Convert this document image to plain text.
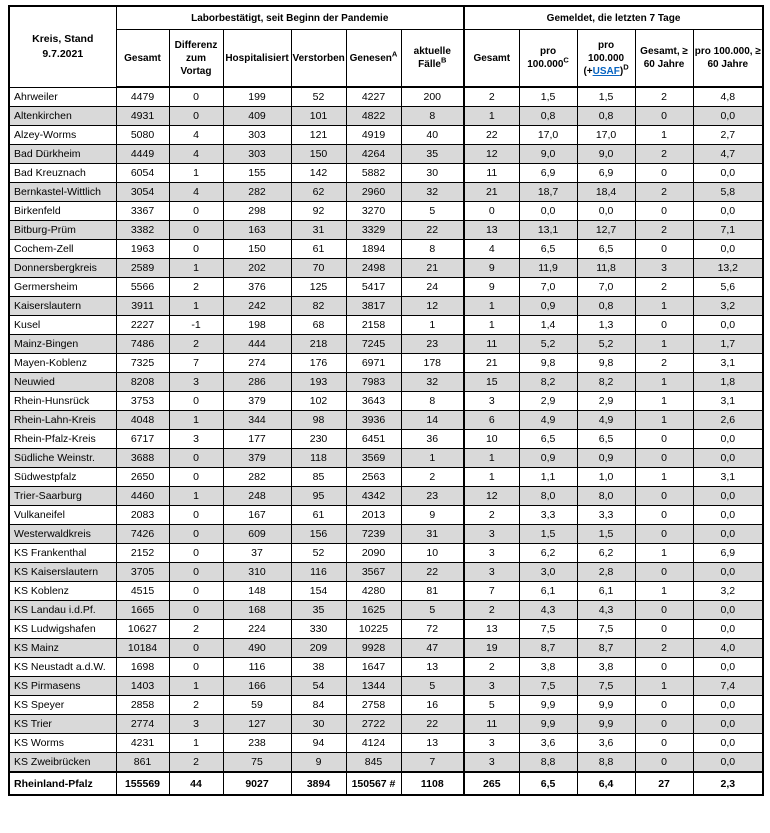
Kreis, Stand
9.7.2021	Laborbestätigt, seit Beginn der Pandemie						Gemeldet, die letzten 7 Tage				
	Gesamt	Differenz zum Vortag	Hospitalisiert	Verstorben	Genesen$^A$	aktuelle Fälle$^B$	Gesamt	pro $100.000^C$	pro 100.000 (+USAF)$^D$	Gesamt, ≥ 60 Jahre	pro 100.000, ≥ 60 Jahre
Ahrweiler	4479	0	199	52	4227	200	2	1,5	1,5	2	4,8
Altenkirchen	4931	0	409	101	4822	8	1	0,8	0,8	0	0,0
Alzey-Worms	5080	4	303	121	4919	40	22	17,0	17,0	1	2,7
Bad Dürkheim	4449	4	303	150	4264	35	12	9,0	9,0	2	4,7
Bad Kreuznach	6054	1	155	142	5882	30	11	6,9	6,9	0	0,0
Bernkastel-Wittlich	3054	4	282	62	2960	32	21	18,7	18,4	2	5,8
Birkenfeld	3367	0	298	92	3270	5	0	0,0	0,0	0	0,0
Bitburg-Prüm	3382	0	163	31	3329	22	13	13,1	12,7	2	7,1
Cochem-Zell	1963	0	150	61	1894	8	4	6,5	6,5	0	0,0
Donnersbergkreis	2589	1	202	70	2498	21	9	11,9	11,8	3	13,2
Germersheim	5566	2	376	125	5417	24	9	7,0	7,0	2	5,6
Kaiserslautern	3911	1	242	82	3817	12	1	0,9	0,8	1	3,2
Kusel	2227	-1	198	68	2158	1	1	1,4	1,3	0	0,0
Mainz-Bingen	7486	2	444	218	7245	23	11	5,2	5,2	1	1,7
Mayen-Koblenz	7325	7	274	176	6971	178	21	9,8	9,8	2	3,1
Neuwied	8208	3	286	193	7983	32	15	8,2	8,2	1	1,8
Rhein-Hunsrück	3753	0	379	102	3643	8	3	2,9	2,9	1	3,1
Rhein-Lahn-Kreis	4048	1	344	98	3936	14	6	4,9	4,9	1	2,6
Rhein-Pfalz-Kreis	6717	3	177	230	6451	36	10	6,5	6,5	0	0,0
Südliche Weinstr.	3688	0	379	118	3569	1	1	0,9	0,9	0	0,0
Südwestpfalz	2650	0	282	85	2563	2	1	1,1	1,0	1	3,1
Trier-Saarburg	4460	1	248	95	4342	23	12	8,0	8,0	0	0,0
Vulkaneifel	2083	0	167	61	2013	9	2	3,3	3,3	0	0,0
Westerwaldkreis	7426	0	609	156	7239	31	3	1,5	1,5	0	0,0
KS Frankenthal	2152	0	37	52	2090	10	3	6,2	6,2	1	6,9
KS Kaiserslautern	3705	0	310	116	3567	22	3	3,0	2,8	0	0,0
KS Koblenz	4515	0	148	154	4280	81	7	6,1	6,1	1	3,2
KS Landau i.d.Pf.	1665	0	168	35	1625	5	2	4,3	4,3	0	0,0
KS Ludwigshafen	10627	2	224	330	10225	72	13	7,5	7,5	0	0,0
KS Mainz	10184	0	490	209	9928	47	19	8,7	8,7	2	4,0
KS Neustadt a.d.W.	1698	0	116	38	1647	13	2	3,8	3,8	0	0,0
KS Pirmasens	1403	1	166	54	1344	5	3	7,5	7,5	1	7,4
KS Speyer	2858	2	59	84	2758	16	5	9,9	9,9	0	0,0
KS Trier	2774	3	127	30	2722	22	11	9,9	9,9	0	0,0
KS Worms	4231	1	238	94	4124	13	3	3,6	3,6	0	0,0
KS Zweibrücken	861	2	75	9	845	7	3	8,8	8,8	0	0,0
Rheinland-Pfalz	155569	44	9027	3894	150567 #	1108	265	6,5	6,4	27	2,3
